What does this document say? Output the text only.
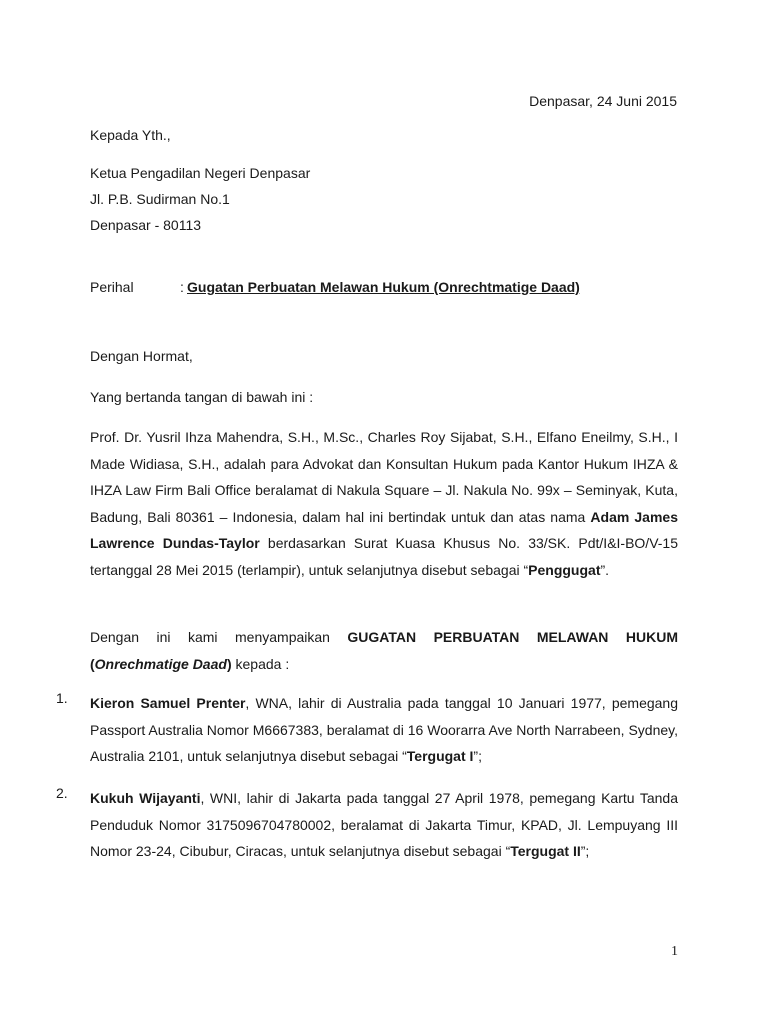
Denpasar, 24 Juni 2015
Kepada Yth.,
Ketua Pengadilan Negeri Denpasar
Jl. P.B. Sudirman No.1
Denpasar - 80113
Perihal	: Gugatan Perbuatan Melawan Hukum (Onrechtmatige Daad)
Dengan Hormat,
Yang bertanda tangan di bawah ini :
Prof. Dr. Yusril Ihza Mahendra, S.H., M.Sc., Charles Roy Sijabat, S.H., Elfano Eneilmy, S.H., I Made Widiasa, S.H., adalah para Advokat dan Konsultan Hukum pada Kantor Hukum IHZA & IHZA Law Firm Bali Office beralamat di Nakula Square – Jl. Nakula No. 99x – Seminyak, Kuta, Badung, Bali 80361 – Indonesia, dalam hal ini bertindak untuk dan atas nama Adam James Lawrence Dundas-Taylor berdasarkan Surat Kuasa Khusus No. 33/SK. Pdt/I&I-BO/V-15 tertanggal 28 Mei 2015 (terlampir), untuk selanjutnya disebut sebagai “Penggugat”.
Dengan ini kami menyampaikan GUGATAN PERBUATAN MELAWAN HUKUM (Onrechmatige Daad) kepada :
1. Kieron Samuel Prenter, WNA, lahir di Australia pada tanggal 10 Januari 1977, pemegang Passport Australia Nomor M6667383, beralamat di 16 Woorarra Ave North Narrabeen, Sydney, Australia 2101, untuk selanjutnya disebut sebagai “Tergugat I”;
2. Kukuh Wijayanti, WNI, lahir di Jakarta pada tanggal 27 April 1978, pemegang Kartu Tanda Penduduk Nomor 3175096704780002, beralamat di Jakarta Timur, KPAD, Jl. Lempuyang III Nomor 23-24, Cibubur, Ciracas, untuk selanjutnya disebut sebagai “Tergugat II”;
1
